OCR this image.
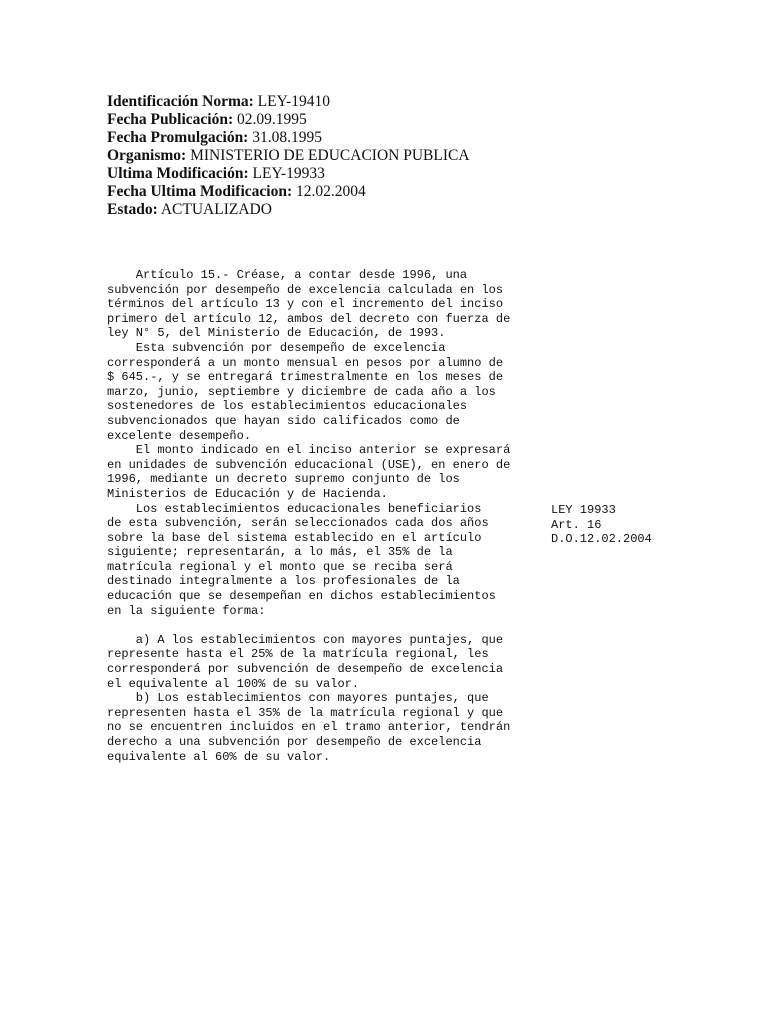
Identificación Norma: LEY-19410
Fecha Publicación: 02.09.1995
Fecha Promulgación: 31.08.1995
Organismo: MINISTERIO DE EDUCACION PUBLICA
Ultima Modificación: LEY-19933
Fecha Ultima Modificacion: 12.02.2004
Estado: ACTUALIZADO
Artículo 15.- Créase, a contar desde 1996, una
subvención por desempeño de excelencia calculada en los
términos del artículo 13 y con el incremento del inciso
primero del artículo 12, ambos del decreto con fuerza de
ley N° 5, del Ministerio de Educación, de 1993.
Esta subvención por desempeño de excelencia
corresponderá a un monto mensual en pesos por alumno de
$ 645.-, y se entregará trimestralmente en los meses de
marzo, junio, septiembre y diciembre de cada año a los
sostenedores de los establecimientos educacionales
subvencionados que hayan sido calificados como de
excelente desempeño.
El monto indicado en el inciso anterior se expresará
en unidades de subvención educacional (USE), en enero de
1996, mediante un decreto supremo conjunto de los
Ministerios de Educación y de Hacienda.
Los establecimientos educacionales beneficiarios
de esta subvención, serán seleccionados cada dos años
sobre la base del sistema establecido en el artículo
siguiente; representarán, a lo más, el 35% de la
matrícula regional y el monto que se reciba será
destinado integralmente a los profesionales de la
educación que se desempeñan en dichos establecimientos
en la siguiente forma:

a) A los establecimientos con mayores puntajes, que
represente hasta el 25% de la matrícula regional, les
corresponderá por subvención de desempeño de excelencia
el equivalente al 100% de su valor.
b) Los establecimientos con mayores puntajes, que
representen hasta el 35% de la matrícula regional y que
no se encuentren incluidos en el tramo anterior, tendrán
derecho a una subvención por desempeño de excelencia
equivalente al 60% de su valor.
LEY 19933
Art. 16
D.O.12.02.2004
